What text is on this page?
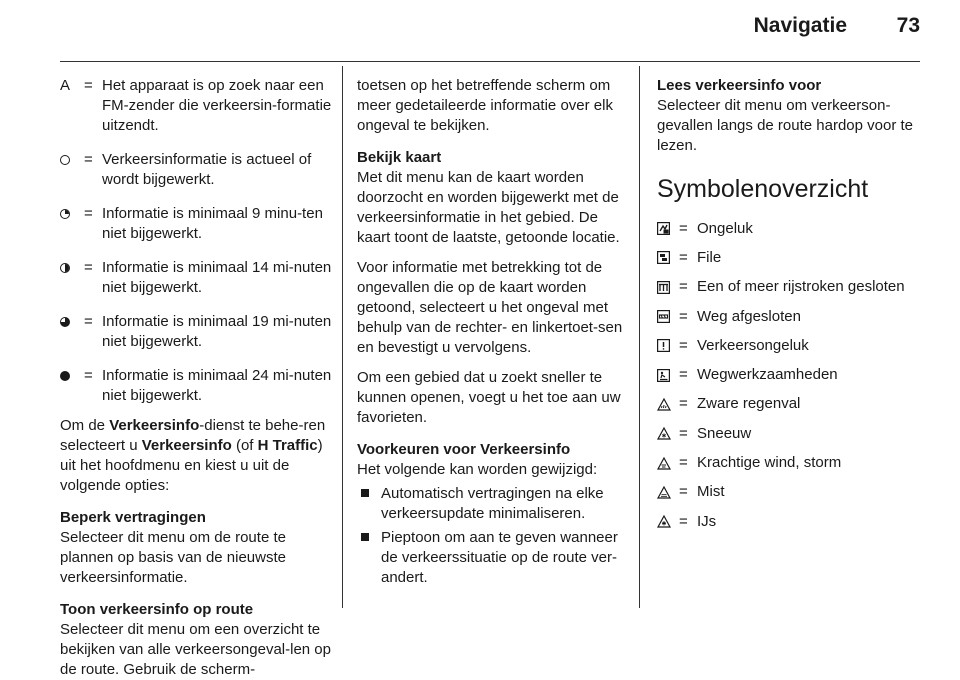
Navigatie	73
A = Het apparaat is op zoek naar een FM-zender die verkeersin-formatie uitzendt.
= Verkeersinformatie is actueel of wordt bijgewerkt.
= Informatie is minimaal 9 minu-ten niet bijgewerkt.
= Informatie is minimaal 14 mi-nuten niet bijgewerkt.
= Informatie is minimaal 19 mi-nuten niet bijgewerkt.
= Informatie is minimaal 24 mi-nuten niet bijgewerkt.

Om de Verkeersinfo-dienst te behe-ren selecteert u Verkeersinfo (of H Traffic) uit het hoofdmenu en kiest u uit de volgende opties:

Beperk vertragingen

Selecteer dit menu om de route te plannen op basis van de nieuwste verkeersinformatie.

Toon verkeersinfo op route

Selecteer dit menu om een overzicht te bekijken van alle verkeersongeval-len op de route. Gebruik de scherm-

toetsen op het betreffende scherm om meer gedetaileerde informatie over elk ongeval te bekijken.

Bekijk kaart

Met dit menu kan de kaart worden doorzocht en worden bijgewerkt met de verkeersinformatie in het gebied. De kaart toont de laatste, getoonde locatie.

Voor informatie met betrekking tot de ongevallen die op de kaart worden getoond, selecteert u het ongeval met behulp van de rechter- en linkertoet-sen en bevestigt u vervolgens.

Om een gebied dat u zoekt sneller te kunnen openen, voegt u het toe aan uw favorieten.

Voorkeuren voor Verkeersinfo

Het volgende kan worden gewijzigd:

Automatisch vertragingen na elke verkeersupdate minimaliseren.
Pieptoon om aan te geven wanneer de verkeerssituatie op de route ver-andert.

Lees verkeersinfo voor

Selecteer dit menu om verkeerson-gevallen langs de route hardop voor te lezen.

Symbolenoverzicht
= Ongeluk
= File
= Een of meer rijstroken gesloten
= Weg afgesloten
= Verkeersongeluk
= Wegwerkzaamheden
= Zware regenval
= Sneeuw
= Krachtige wind, storm
= Mist
= IJs
